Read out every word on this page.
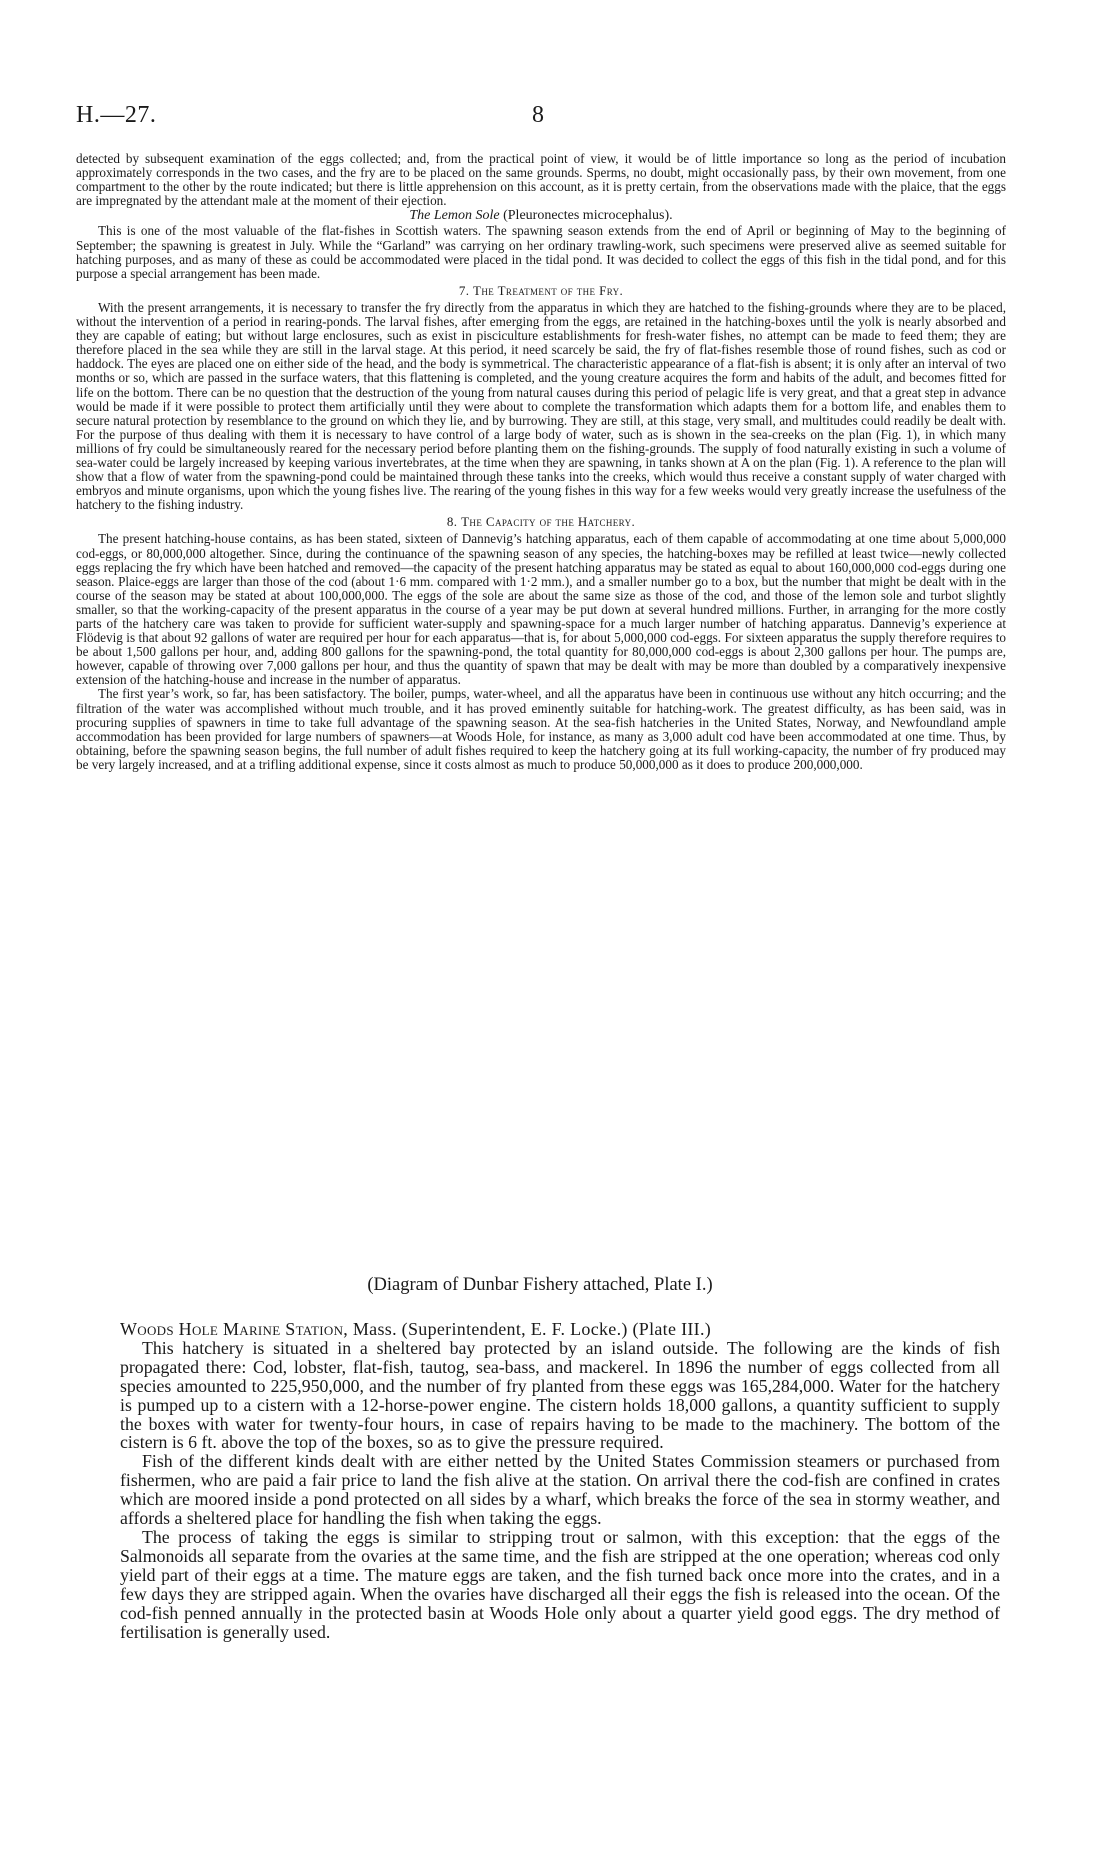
H.—27.	8

detected by subsequent examination of the eggs collected; and, from the practical point of view, it would be of little importance so long as the period of incubation approximately corresponds in the two cases, and the fry are to be placed on the same grounds. Sperms, no doubt, might occasionally pass, by their own movement, from one compartment to the other by the route indicated; but there is little apprehension on this account, as it is pretty certain, from the observations made with the plaice, that the eggs are impregnated by the attendant male at the moment of their ejection.

The Lemon Sole (Pleuronectes microcephalus).

This is one of the most valuable of the flat-fishes in Scottish waters. The spawning season extends from the end of April or beginning of May to the beginning of September; the spawning is greatest in July. While the “Garland” was carrying on her ordinary trawling-work, such specimens were preserved alive as seemed suitable for hatching purposes, and as many of these as could be accommodated were placed in the tidal pond. It was decided to collect the eggs of this fish in the tidal pond, and for this purpose a special arrangement has been made.

7. The Treatment of the Fry.

With the present arrangements, it is necessary to transfer the fry directly from the apparatus in which they are hatched to the fishing-grounds where they are to be placed, without the intervention of a period in rearing-ponds. The larval fishes, after emerging from the eggs, are retained in the hatching-boxes until the yolk is nearly absorbed and they are capable of eating; but without large enclosures, such as exist in pisciculture establishments for fresh-water fishes, no attempt can be made to feed them; they are therefore placed in the sea while they are still in the larval stage. At this period, it need scarcely be said, the fry of flat-fishes resemble those of round fishes, such as cod or haddock. The eyes are placed one on either side of the head, and the body is symmetrical. The characteristic appearance of a flat-fish is absent; it is only after an interval of two months or so, which are passed in the surface waters, that this flattening is completed, and the young creature acquires the form and habits of the adult, and becomes fitted for life on the bottom. There can be no question that the destruction of the young from natural causes during this period of pelagic life is very great, and that a great step in advance would be made if it were possible to protect them artificially until they were about to complete the transformation which adapts them for a bottom life, and enables them to secure natural protection by resemblance to the ground on which they lie, and by burrowing. They are still, at this stage, very small, and multitudes could readily be dealt with. For the purpose of thus dealing with them it is necessary to have control of a large body of water, such as is shown in the sea-creeks on the plan (Fig. 1), in which many millions of fry could be simultaneously reared for the necessary period before planting them on the fishing-grounds. The supply of food naturally existing in such a volume of sea-water could be largely increased by keeping various invertebrates, at the time when they are spawning, in tanks shown at A on the plan (Fig. 1). A reference to the plan will show that a flow of water from the spawning-pond could be maintained through these tanks into the creeks, which would thus receive a constant supply of water charged with embryos and minute organisms, upon which the young fishes live. The rearing of the young fishes in this way for a few weeks would very greatly increase the usefulness of the hatchery to the fishing industry.

8. The Capacity of the Hatchery.

The present hatching-house contains, as has been stated, sixteen of Dannevig’s hatching apparatus, each of them capable of accommodating at one time about 5,000,000 cod-eggs, or 80,000,000 altogether. Since, during the continuance of the spawning season of any species, the hatching-boxes may be refilled at least twice—newly collected eggs replacing the fry which have been hatched and removed—the capacity of the present hatching apparatus may be stated as equal to about 160,000,000 cod-eggs during one season. Plaice-eggs are larger than those of the cod (about 1·6 mm. compared with 1·2 mm.), and a smaller number go to a box, but the number that might be dealt with in the course of the season may be stated at about 100,000,000. The eggs of the sole are about the same size as those of the cod, and those of the lemon sole and turbot slightly smaller, so that the working-capacity of the present apparatus in the course of a year may be put down at several hundred millions. Further, in arranging for the more costly parts of the hatchery care was taken to provide for sufficient water-supply and spawning-space for a much larger number of hatching apparatus. Dannevig’s experience at Flödevig is that about 92 gallons of water are required per hour for each apparatus—that is, for about 5,000,000 cod-eggs. For sixteen apparatus the supply therefore requires to be about 1,500 gallons per hour, and, adding 800 gallons for the spawning-pond, the total quantity for 80,000,000 cod-eggs is about 2,300 gallons per hour. The pumps are, however, capable of throwing over 7,000 gallons per hour, and thus the quantity of spawn that may be dealt with may be more than doubled by a comparatively inexpensive extension of the hatching-house and increase in the number of apparatus.

The first year’s work, so far, has been satisfactory. The boiler, pumps, water-wheel, and all the apparatus have been in continuous use without any hitch occurring; and the filtration of the water was accomplished without much trouble, and it has proved eminently suitable for hatching-work. The greatest difficulty, as has been said, was in procuring supplies of spawners in time to take full advantage of the spawning season. At the sea-fish hatcheries in the United States, Norway, and Newfoundland ample accommodation has been provided for large numbers of spawners—at Woods Hole, for instance, as many as 3,000 adult cod have been accommodated at one time. Thus, by obtaining, before the spawning season begins, the full number of adult fishes required to keep the hatchery going at its full working-capacity, the number of fry produced may be very largely increased, and at a trifling additional expense, since it costs almost as much to produce 50,000,000 as it does to produce 200,000,000.

(Diagram of Dunbar Fishery attached, Plate I.)

Woods Hole Marine Station, Mass. (Superintendent, E. F. Locke.) (Plate III.)

This hatchery is situated in a sheltered bay protected by an island outside. The following are the kinds of fish propagated there: Cod, lobster, flat-fish, tautog, sea-bass, and mackerel. In 1896 the number of eggs collected from all species amounted to 225,950,000, and the number of fry planted from these eggs was 165,284,000. Water for the hatchery is pumped up to a cistern with a 12-horse-power engine. The cistern holds 18,000 gallons, a quantity sufficient to supply the boxes with water for twenty-four hours, in case of repairs having to be made to the machinery. The bottom of the cistern is 6 ft. above the top of the boxes, so as to give the pressure required.

Fish of the different kinds dealt with are either netted by the United States Commission steamers or purchased from fishermen, who are paid a fair price to land the fish alive at the station. On arrival there the cod-fish are confined in crates which are moored inside a pond protected on all sides by a wharf, which breaks the force of the sea in stormy weather, and affords a sheltered place for handling the fish when taking the eggs.

The process of taking the eggs is similar to stripping trout or salmon, with this exception: that the eggs of the Salmonoids all separate from the ovaries at the same time, and the fish are stripped at the one operation; whereas cod only yield part of their eggs at a time. The mature eggs are taken, and the fish turned back once more into the crates, and in a few days they are stripped again. When the ovaries have discharged all their eggs the fish is released into the ocean. Of the cod-fish penned annually in the protected basin at Woods Hole only about a quarter yield good eggs. The dry method of fertilisation is generally used.
